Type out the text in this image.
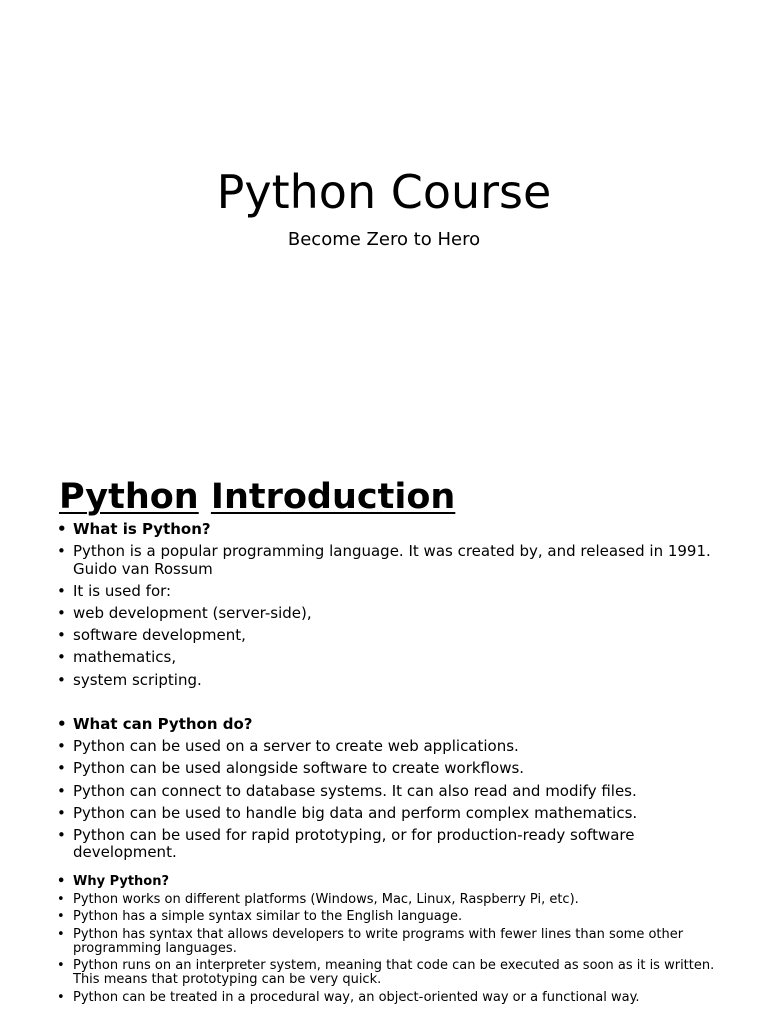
Python Course

Become Zero to Hero

Python Introduction
• What is Python?
• Python is a popular programming language. It was created by, and released in 1991. Guido van Rossum
• It is used for:
• web development (server-side),
• software development,
• mathematics,
• system scripting.
• What can Python do?
• Python can be used on a server to create web applications.
• Python can be used alongside software to create workflows.
• Python can connect to database systems. It can also read and modify files.
• Python can be used to handle big data and perform complex mathematics.
• Python can be used for rapid prototyping, or for production-ready software development.
• Why Python?
• Python works on different platforms (Windows, Mac, Linux, Raspberry Pi, etc).
• Python has a simple syntax similar to the English language.
• Python has syntax that allows developers to write programs with fewer lines than some other programming languages.
• Python runs on an interpreter system, meaning that code can be executed as soon as it is written. This means that prototyping can be very quick.
• Python can be treated in a procedural way, an object-oriented way or a functional way.
